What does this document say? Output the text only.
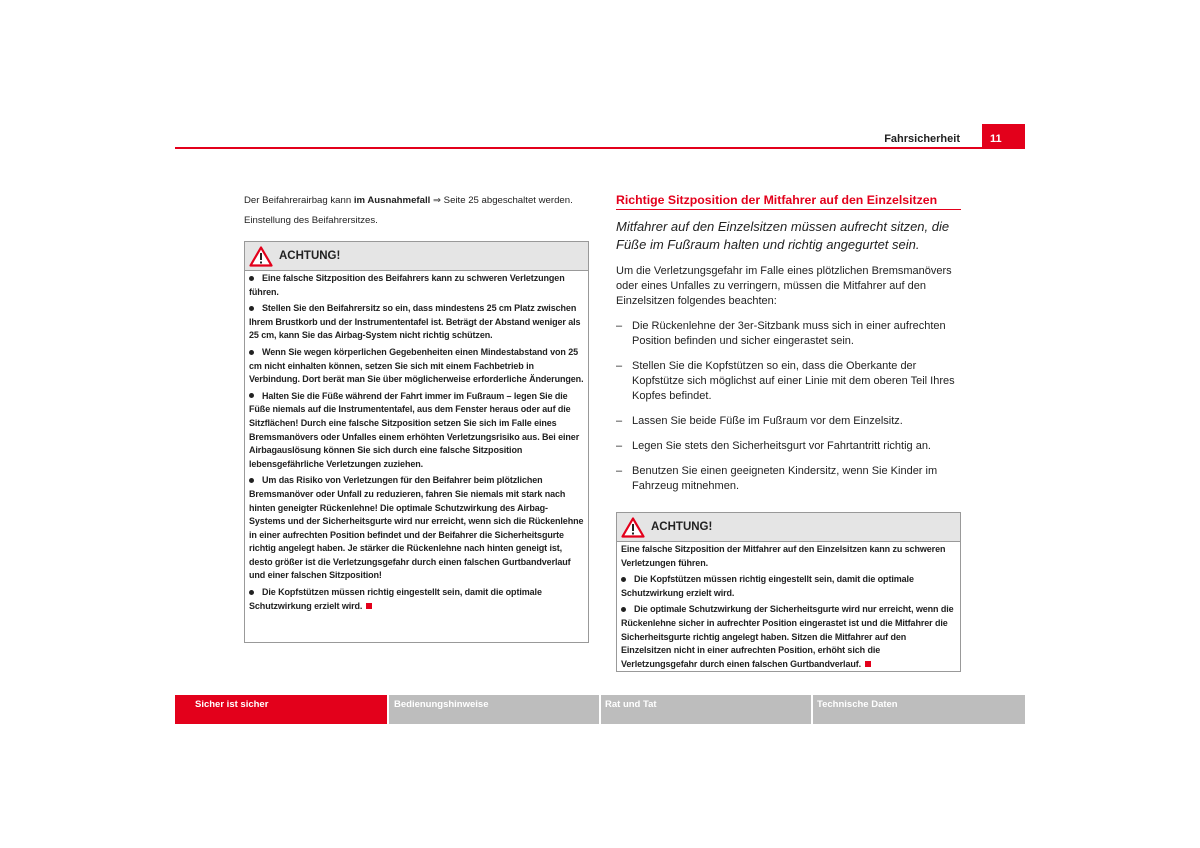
Fahrsicherheit	11

Der Beifahrerairbag kann im Ausnahmefall ⇒ Seite 25 abgeschaltet werden.

Einstellung des Beifahrersitzes.

ACHTUNG!

Eine falsche Sitzposition des Beifahrers kann zu schweren Verletzungen führen.

Stellen Sie den Beifahrersitz so ein, dass mindestens 25 cm Platz zwischen Ihrem Brustkorb und der Instrumententafel ist. Beträgt der Abstand weniger als 25 cm, kann Sie das Airbag-System nicht richtig schützen.

Wenn Sie wegen körperlichen Gegebenheiten einen Mindestabstand von 25 cm nicht einhalten können, setzen Sie sich mit einem Fachbetrieb in Verbindung. Dort berät man Sie über möglicherweise erforderliche Änderungen.

Halten Sie die Füße während der Fahrt immer im Fußraum – legen Sie die Füße niemals auf die Instrumententafel, aus dem Fenster heraus oder auf die Sitzflächen! Durch eine falsche Sitzposition setzen Sie sich im Falle eines Bremsmanövers oder Unfalles einem erhöhten Verletzungsrisiko aus. Bei einer Airbagauslösung können Sie sich durch eine falsche Sitzposition lebensgefährliche Verletzungen zuziehen.

Um das Risiko von Verletzungen für den Beifahrer beim plötzlichen Bremsmanöver oder Unfall zu reduzieren, fahren Sie niemals mit stark nach hinten geneigter Rückenlehne! Die optimale Schutzwirkung des Airbag-Systems und der Sicherheitsgurte wird nur erreicht, wenn sich die Rückenlehne in einer aufrechten Position befindet und der Beifahrer die Sicherheitsgurte richtig angelegt haben. Je stärker die Rückenlehne nach hinten geneigt ist, desto größer ist die Verletzungsgefahr durch einen falschen Gurtbandverlauf und einer falschen Sitzposition!

Die Kopfstützen müssen richtig eingestellt sein, damit die optimale Schutzwirkung erzielt wird.

Richtige Sitzposition der Mitfahrer auf den Einzelsitzen

Mitfahrer auf den Einzelsitzen müssen aufrecht sitzen, die Füße im Fußraum halten und richtig angegurtet sein.

Um die Verletzungsgefahr im Falle eines plötzlichen Bremsmanövers oder eines Unfalles zu verringern, müssen die Mitfahrer auf den Einzelsitzen folgendes beachten:

– Die Rückenlehne der 3er-Sitzbank muss sich in einer aufrechten Position befinden und sicher eingerastet sein.
– Stellen Sie die Kopfstützen so ein, dass die Oberkante der Kopfstütze sich möglichst auf einer Linie mit dem oberen Teil Ihres Kopfes befindet.
– Lassen Sie beide Füße im Fußraum vor dem Einzelsitz.
– Legen Sie stets den Sicherheitsgurt vor Fahrtantritt richtig an.
– Benutzen Sie einen geeigneten Kindersitz, wenn Sie Kinder im Fahrzeug mitnehmen.
ACHTUNG!

Eine falsche Sitzposition der Mitfahrer auf den Einzelsitzen kann zu schweren Verletzungen führen.

Die Kopfstützen müssen richtig eingestellt sein, damit die optimale Schutzwirkung erzielt wird.

Die optimale Schutzwirkung der Sicherheitsgurte wird nur erreicht, wenn die Rückenlehne sicher in aufrechter Position eingerastet ist und die Mitfahrer die Sicherheitsgurte richtig angelegt haben. Sitzen die Mitfahrer auf den Einzelsitzen nicht in einer aufrechten Position, erhöht sich die Verletzungsgefahr durch einen falschen Gurtbandverlauf.

Sicher ist sicher	Bedienungshinweise	Rat und Tat	Technische Daten
